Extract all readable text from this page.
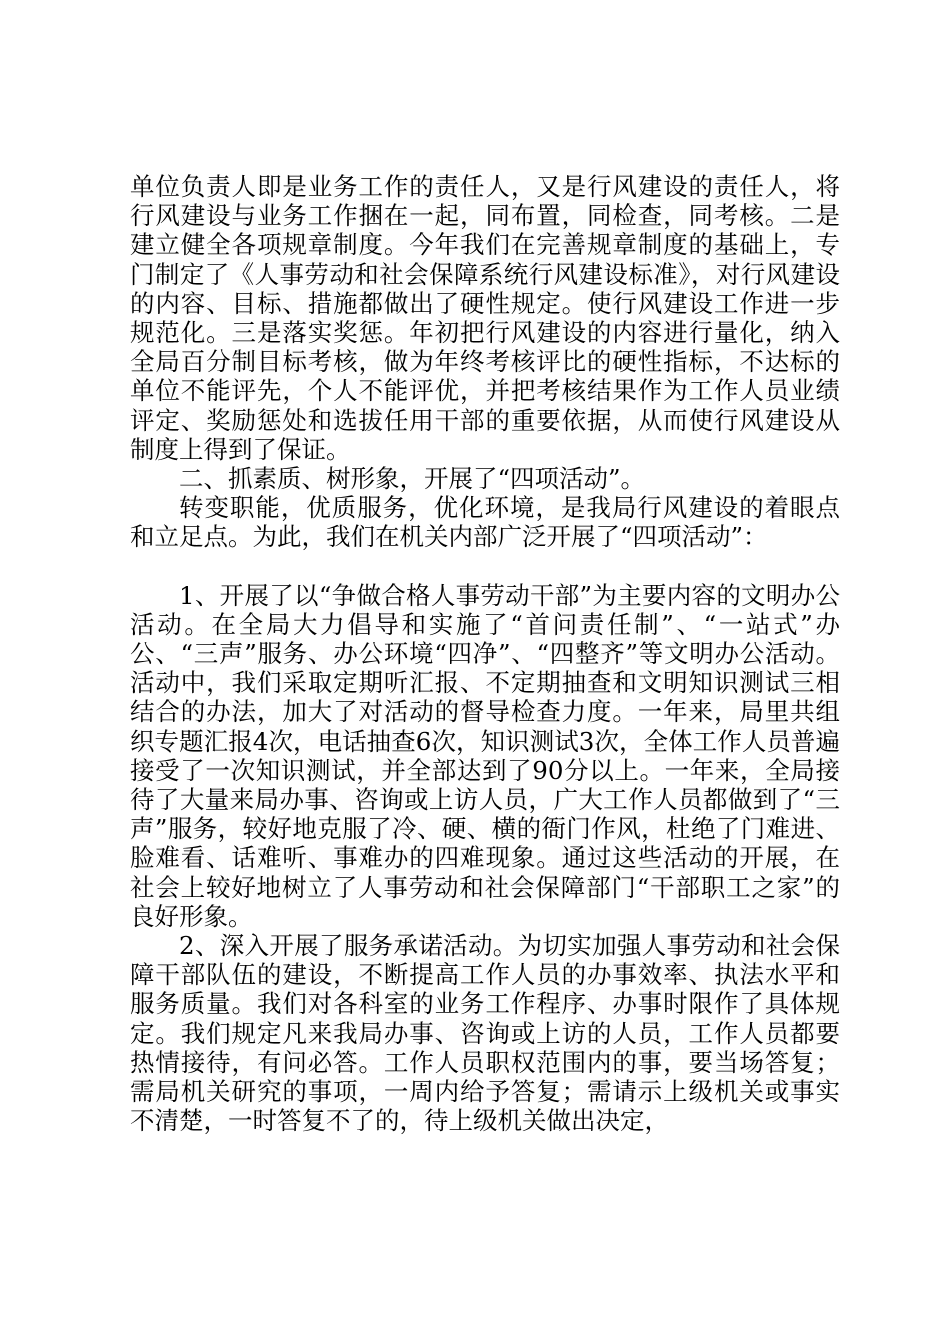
单位负责人即是业务工作的责任人，又是行风建设的责任人，将行风建设与业务工作捆在一起，同布置，同检查，同考核。二是建立健全各项规章制度。今年我们在完善规章制度的基础上，专门制定了《人事劳动和社会保障系统行风建设标准》，对行风建设的内容、目标、措施都做出了硬性规定。使行风建设工作进一步规范化。三是落实奖惩。年初把行风建设的内容进行量化，纳入全局百分制目标考核，做为年终考核评比的硬性指标，不达标的单位不能评先，个人不能评优，并把考核结果作为工作人员业绩评定、奖励惩处和选拔任用干部的重要依据，从而使行风建设从制度上得到了保证。

二、抓素质、树形象，开展了“四项活动”。

转变职能，优质服务，优化环境，是我局行风建设的着眼点和立足点。为此，我们在机关内部广泛开展了“四项活动”：

1、开展了以“争做合格人事劳动干部”为主要内容的文明办公活动。在全局大力倡导和实施了“首问责任制”、“一站式”办公、“三声”服务、办公环境“四净”、“四整齐”等文明办公活动。活动中，我们采取定期听汇报、不定期抽查和文明知识测试三相结合的办法，加大了对活动的督导检查力度。一年来，局里共组织专题汇报4次，电话抽查6次，知识测试3次，全体工作人员普遍接受了一次知识测试，并全部达到了90分以上。一年来，全局接待了大量来局办事、咨询或上访人员，广大工作人员都做到了“三声”服务，较好地克服了冷、硬、横的衙门作风，杜绝了门难进、脸难看、话难听、事难办的四难现象。通过这些活动的开展，在社会上较好地树立了人事劳动和社会保障部门“干部职工之家”的良好形象。

2、深入开展了服务承诺活动。为切实加强人事劳动和社会保障干部队伍的建设，不断提高工作人员的办事效率、执法水平和服务质量。我们对各科室的业务工作程序、办事时限作了具体规定。我们规定凡来我局办事、咨询或上访的人员，工作人员都要热情接待，有问必答。工作人员职权范围内的事，要当场答复；需局机关研究的事项，一周内给予答复；需请示上级机关或事实不清楚，一时答复不了的，待上级机关做出决定，
